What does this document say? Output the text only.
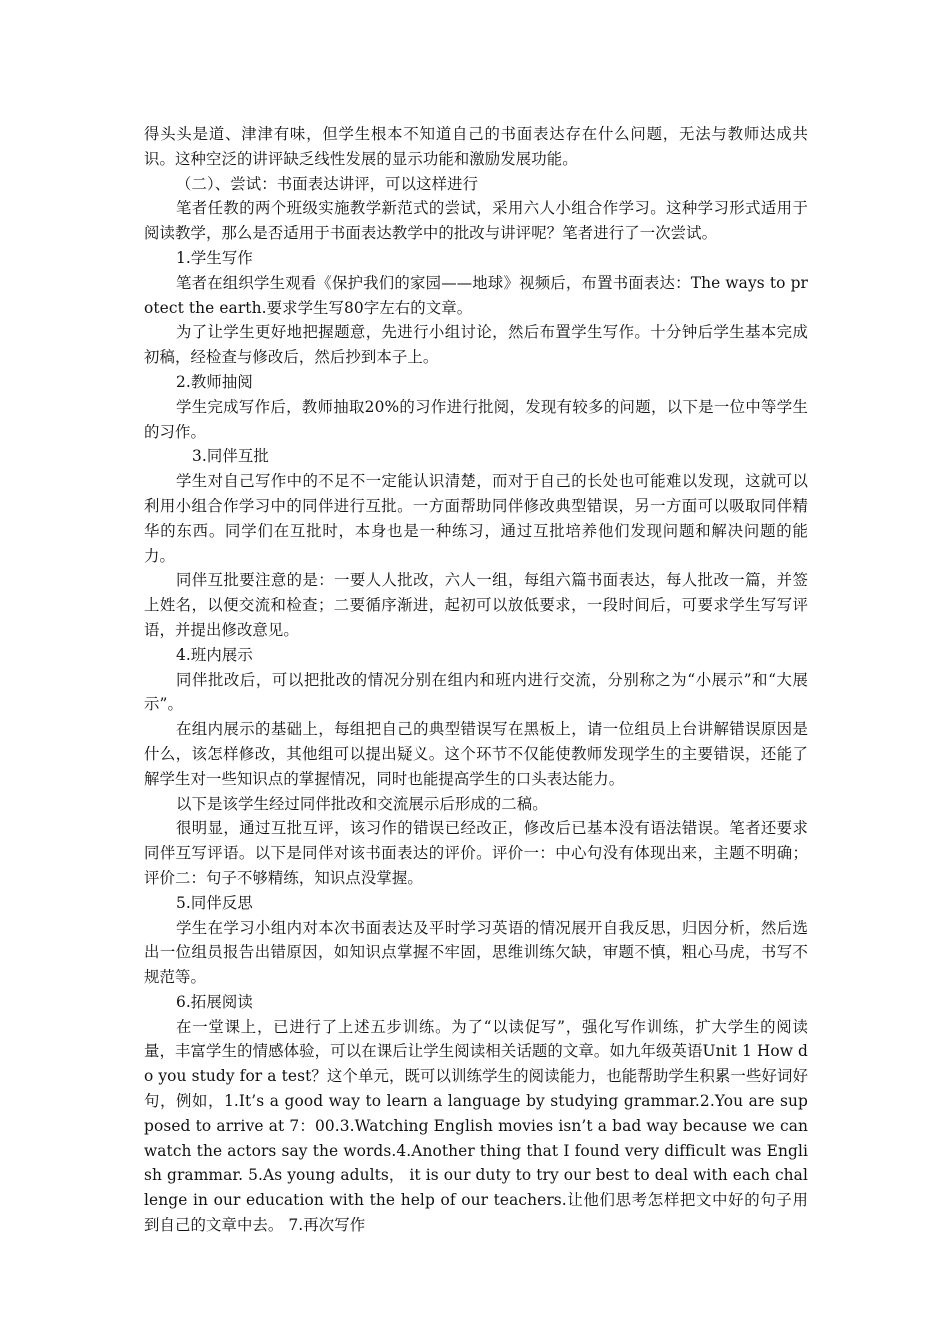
得头头是道、津津有味，但学生根本不知道自己的书面表达存在什么问题，无法与教师达成共识。这种空泛的讲评缺乏线性发展的显示功能和激励发展功能。

（二）、尝试：书面表达讲评，可以这样进行

笔者任教的两个班级实施教学新范式的尝试，采用六人小组合作学习。这种学习形式适用于阅读教学，那么是否适用于书面表达教学中的批改与讲评呢？笔者进行了一次尝试。

1.学生写作

笔者在组织学生观看《保护我们的家园——地球》视频后，布置书面表达：The ways to protect the earth.要求学生写80字左右的文章。

为了让学生更好地把握题意，先进行小组讨论，然后布置学生写作。十分钟后学生基本完成初稿，经检查与修改后，然后抄到本子上。

2.教师抽阅

学生完成写作后，教师抽取20%的习作进行批阅，发现有较多的问题，以下是一位中等学生的习作。

3.同伴互批

学生对自己写作中的不足不一定能认识清楚，而对于自己的长处也可能难以发现，这就可以利用小组合作学习中的同伴进行互批。一方面帮助同伴修改典型错误，另一方面可以吸取同伴精华的东西。同学们在互批时，本身也是一种练习，通过互批培养他们发现问题和解决问题的能力。

同伴互批要注意的是：一要人人批改，六人一组，每组六篇书面表达，每人批改一篇，并签上姓名，以便交流和检查；二要循序渐进，起初可以放低要求，一段时间后，可要求学生写写评语，并提出修改意见。

4.班内展示

同伴批改后，可以把批改的情况分别在组内和班内进行交流，分别称之为“小展示”和“大展示”。

在组内展示的基础上，每组把自己的典型错误写在黑板上，请一位组员上台讲解错误原因是什么，该怎样修改，其他组可以提出疑义。这个环节不仅能使教师发现学生的主要错误，还能了解学生对一些知识点的掌握情况，同时也能提高学生的口头表达能力。

以下是该学生经过同伴批改和交流展示后形成的二稿。

很明显，通过互批互评，该习作的错误已经改正，修改后已基本没有语法错误。笔者还要求同伴互写评语。以下是同伴对该书面表达的评价。评价一：中心句没有体现出来，主题不明确；评价二：句子不够精练，知识点没掌握。

5.同伴反思

学生在学习小组内对本次书面表达及平时学习英语的情况展开自我反思，归因分析，然后选出一位组员报告出错原因，如知识点掌握不牢固，思维训练欠缺，审题不慎，粗心马虎，书写不规范等。

6.拓展阅读

在一堂课上，已进行了上述五步训练。为了“以读促写”，强化写作训练，扩大学生的阅读量，丰富学生的情感体验，可以在课后让学生阅读相关话题的文章。如九年级英语Unit 1 How do you study for a test？这个单元，既可以训练学生的阅读能力，也能帮助学生积累一些好词好句，例如，1.It’s a good way to learn a language by studying grammar.2.You are supposed to arrive at 7：00.3.Watching English movies isn’t a bad way because we can watch the actors say the words.4.Another thing that I found very difficult was English grammar. 5.As young adults， it is our duty to try our best to deal with each challenge in our education with the help of our teachers.让他们思考怎样把文中好的句子用到自己的文章中去。 7.再次写作
